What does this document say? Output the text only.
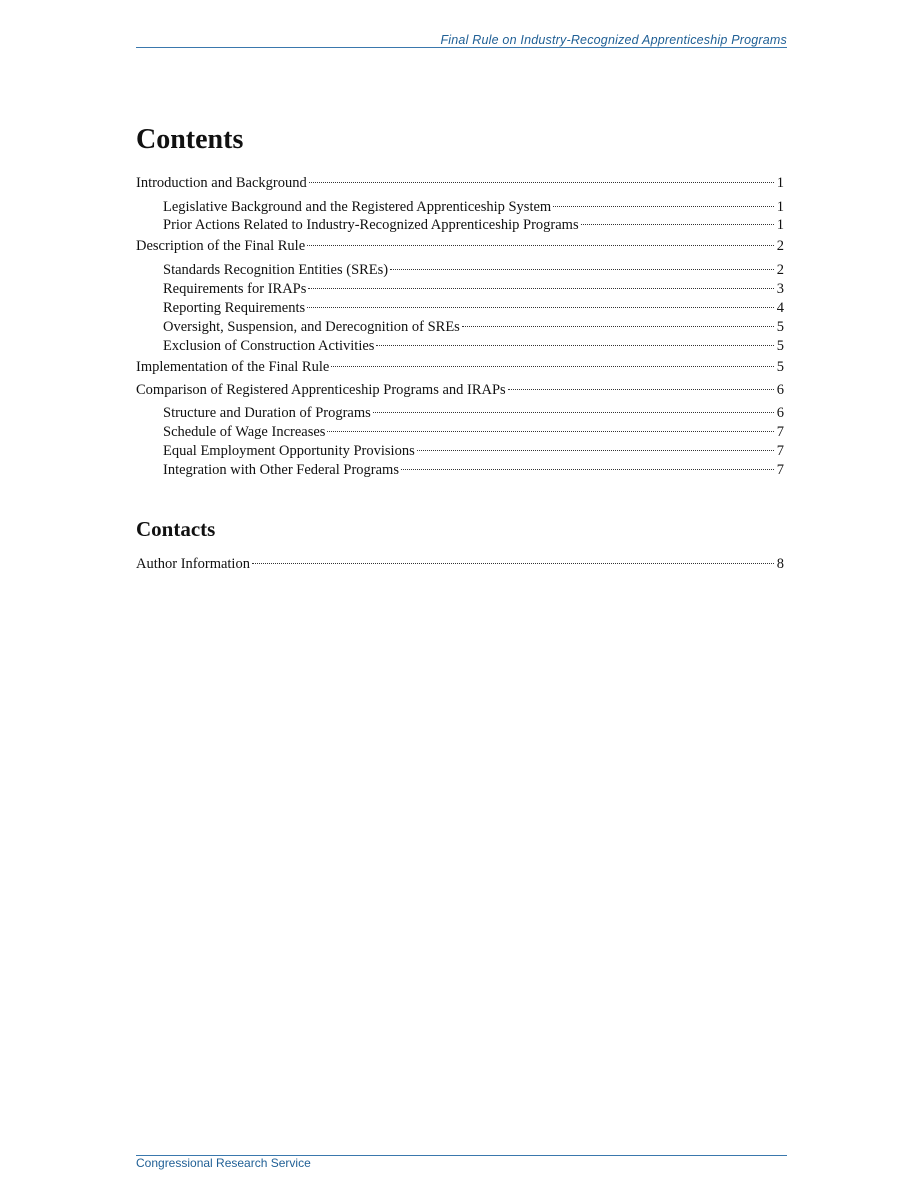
Final Rule on Industry-Recognized Apprenticeship Programs
Contents
Introduction and Background	1
Legislative Background and the Registered Apprenticeship System	1
Prior Actions Related to Industry-Recognized Apprenticeship Programs	1
Description of the Final Rule	2
Standards Recognition Entities (SREs)	2
Requirements for IRAPs	3
Reporting Requirements	4
Oversight, Suspension, and Derecognition of SREs	5
Exclusion of Construction Activities	5
Implementation of the Final Rule	5
Comparison of Registered Apprenticeship Programs and IRAPs	6
Structure and Duration of Programs	6
Schedule of Wage Increases	7
Equal Employment Opportunity Provisions	7
Integration with Other Federal Programs	7
Contacts
Author Information	8
Congressional Research Service
